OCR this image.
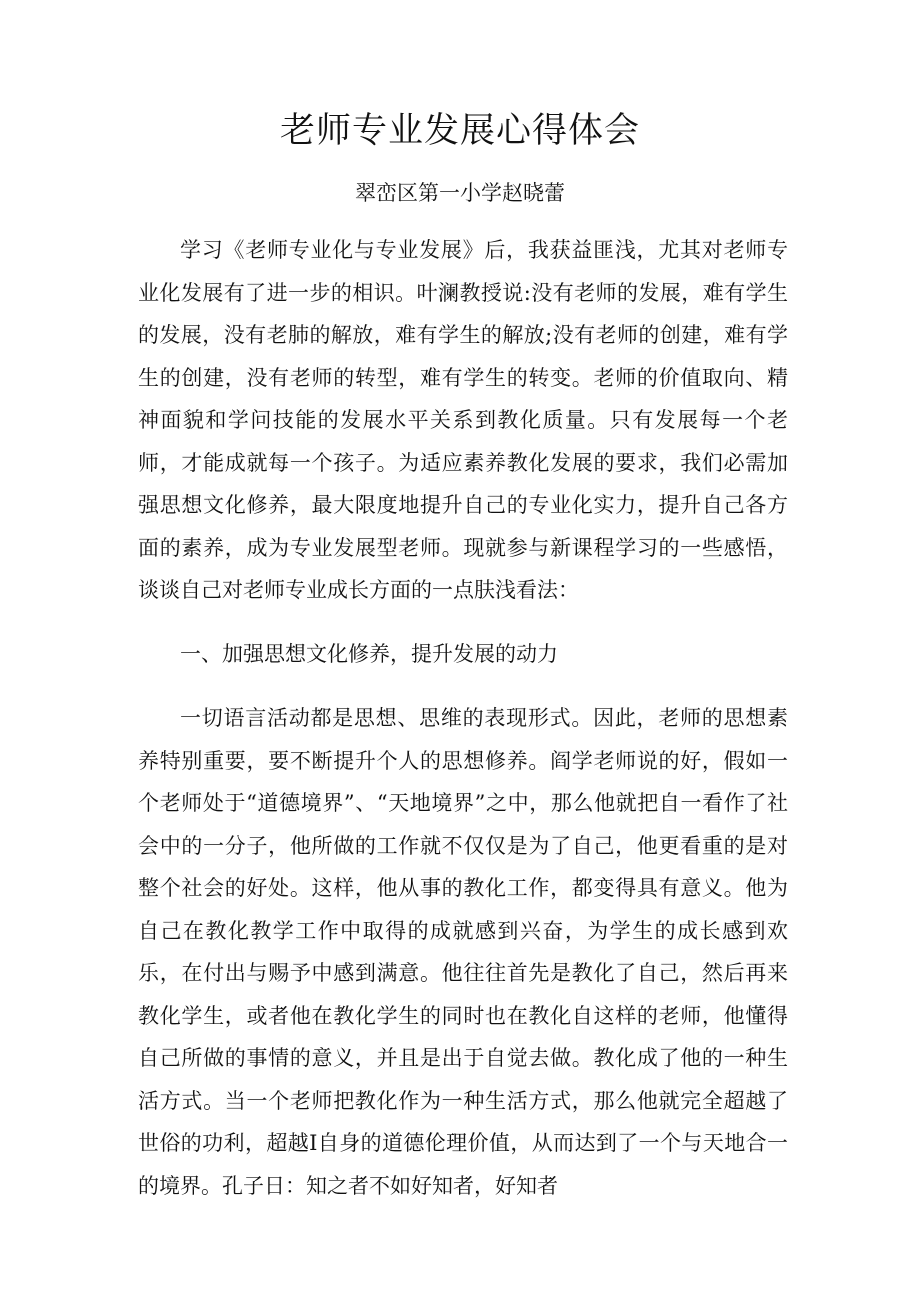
老师专业发展心得体会

翠峦区第一小学赵晓蕾

学习《老师专业化与专业发展》后，我获益匪浅，尤其对老师专业化发展有了进一步的相识。叶澜教授说:没有老师的发展，难有学生的发展，没有老肺的解放，难有学生的解放;没有老师的创建，难有学生的创建，没有老师的转型，难有学生的转变。老师的价值取向、精神面貌和学问技能的发展水平关系到教化质量。只有发展每一个老师，才能成就每一个孩子。为适应素养教化发展的要求，我们必需加强思想文化修养，最大限度地提升自己的专业化实力，提升自己各方面的素养，成为专业发展型老师。现就参与新课程学习的一些感悟，谈谈自己对老师专业成长方面的一点肤浅看法：

一、加强思想文化修养，提升发展的动力

一切语言活动都是思想、思维的表现形式。因此，老师的思想素养特别重要，要不断提升个人的思想修养。阎学老师说的好，假如一个老师处于“道德境界”、“天地境界”之中，那么他就把自一看作了社会中的一分子，他所做的工作就不仅仅是为了自己，他更看重的是对整个社会的好处。这样，他从事的教化工作，都变得具有意义。他为自己在教化教学工作中取得的成就感到兴奋，为学生的成长感到欢乐，在付出与赐予中感到满意。他往往首先是教化了自己，然后再来教化学生，或者他在教化学生的同时也在教化自这样的老师，他懂得自己所做的事情的意义，并且是出于自觉去做。教化成了他的一种生活方式。当一个老师把教化作为一种生活方式，那么他就完全超越了世俗的功利，超越I自身的道德伦理价值，从而达到了一个与天地合一的境界。孔子日：知之者不如好知者，好知者
